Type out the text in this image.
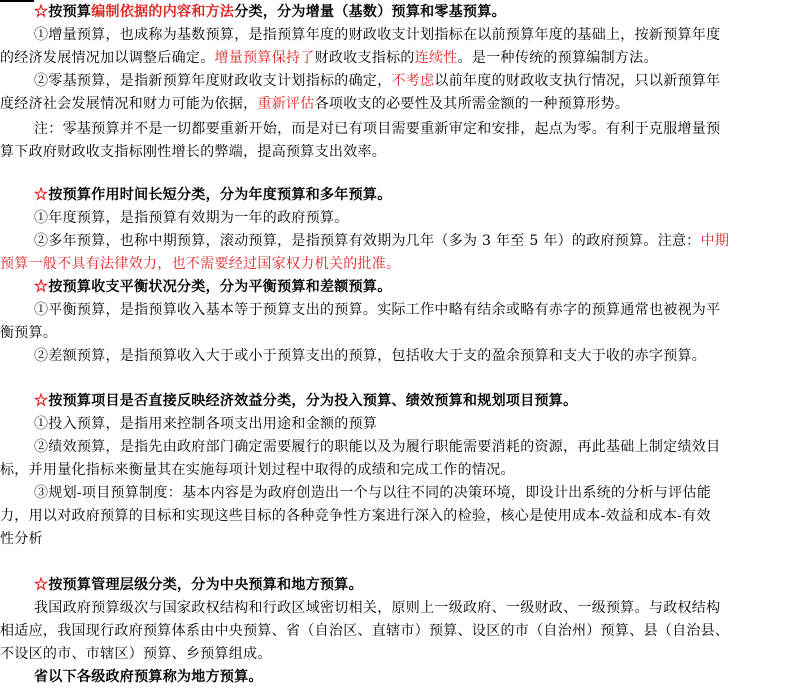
☆按预算编制依据的内容和方法分类，分为增量（基数）预算和零基预算。
①增量预算，也成称为基数预算，是指预算年度的财政收支计划指标在以前预算年度的基础上，按新预算年度
的经济发展情况加以调整后确定。增量预算保持了财政收支指标的连续性。是一种传统的预算编制方法。
②零基预算，是指新预算年度财政收支计划指标的确定，不考虑以前年度的财政收支执行情况，只以新预算年
度经济社会发展情况和财力可能为依据，重新评估各项收支的必要性及其所需金额的一种预算形势。
注：零基预算并不是一切都要重新开始，而是对已有项目需要重新审定和安排，起点为零。有利于克服增量预
算下政府财政收支指标刚性增长的弊端，提高预算支出效率。
☆按预算作用时间长短分类，分为年度预算和多年预算。
①年度预算，是指预算有效期为一年的政府预算。
②多年预算，也称中期预算，滚动预算，是指预算有效期为几年（多为 3 年至 5 年）的政府预算。注意：中期
预算一般不具有法律效力，也不需要经过国家权力机关的批准。
☆按预算收支平衡状况分类，分为平衡预算和差额预算。
①平衡预算，是指预算收入基本等于预算支出的预算。实际工作中略有结余或略有赤字的预算通常也被视为平
衡预算。
②差额预算，是指预算收入大于或小于预算支出的预算，包括收大于支的盈余预算和支大于收的赤字预算。
☆按预算项目是否直接反映经济效益分类，分为投入预算、绩效预算和规划项目预算。
①投入预算，是指用来控制各项支出用途和金额的预算
②绩效预算，是指先由政府部门确定需要履行的职能以及为履行职能需要消耗的资源，再此基础上制定绩效目
标，并用量化指标来衡量其在实施每项计划过程中取得的成绩和完成工作的情况。
③规划-项目预算制度：基本内容是为政府创造出一个与以往不同的决策环境，即设计出系统的分析与评估能
力，用以对政府预算的目标和实现这些目标的各种竞争性方案进行深入的检验，核心是使用成本-效益和成本-有效
性分析
☆按预算管理层级分类，分为中央预算和地方预算。
我国政府预算级次与国家政权结构和行政区域密切相关，原则上一级政府、一级财政、一级预算。与政权结构
相适应，我国现行政府预算体系由中央预算、省（自治区、直辖市）预算、设区的市（自治州）预算、县（自治县、
不设区的市、市辖区）预算、乡预算组成。
省以下各级政府预算称为地方预算。
